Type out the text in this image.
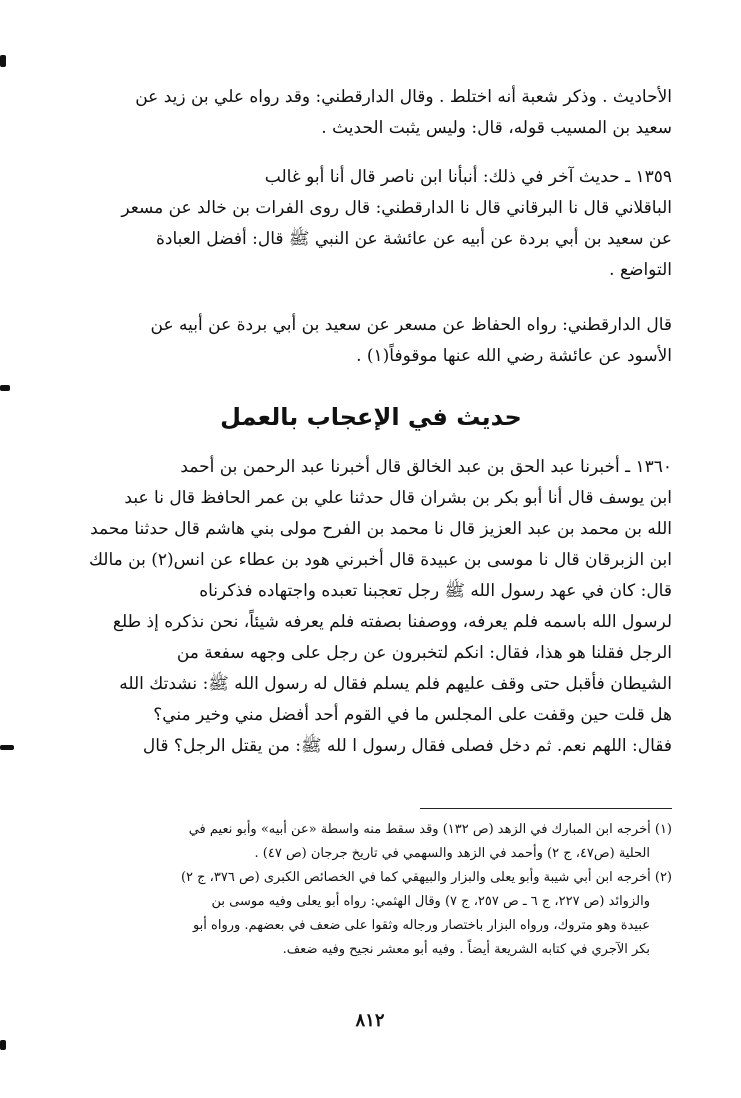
الأحاديث . وذكر شعبة أنه اختلط . وقال الدارقطني: وقد رواه علي بن زيد عن
سعيد بن المسيب قوله، قال: وليس يثبت الحديث .
١٣٥٩ ـ حديث آخر في ذلك: أنبأنا ابن ناصر قال أنا أبو غالب
الباقلاني قال نا البرقاني قال نا الدارقطني: قال روى الفرات بن خالد عن مسعر
عن سعيد بن أبي بردة عن أبيه عن عائشة عن النبي ﷺ قال: أفضل العبادة
التواضع .
قال الدارقطني: رواه الحفاظ عن مسعر عن سعيد بن أبي بردة عن أبيه عن
الأسود عن عائشة رضي الله عنها موقوفاً(١) .
حديث في الإعجاب بالعمل
١٣٦٠ ـ أخبرنا عبد الحق بن عبد الخالق قال أخبرنا عبد الرحمن بن أحمد
ابن يوسف قال أنا أبو بكر بن بشران قال حدثنا علي بن عمر الحافظ قال نا عبد
الله بن محمد بن عبد العزيز قال نا محمد بن الفرح مولى بني هاشم قال حدثنا محمد
ابن الزبرقان قال نا موسى بن عبيدة قال أخبرني هود بن عطاء عن انس(٢) بن مالك
قال: كان في عهد رسول الله ﷺ رجل تعجبنا تعبده واجتهاده فذكرناه
لرسول الله باسمه فلم يعرفه، ووصفنا بصفته فلم يعرفه شيئاً، نحن نذكره إذ طلع
الرجل فقلنا هو هذا، فقال: انكم لتخبرون عن رجل على وجهه سفعة من
الشيطان فأقبل حتى وقف عليهم فلم يسلم فقال له رسول الله ﷺ: نشدتك الله
هل قلت حين وقفت على المجلس ما في القوم أحد أفضل مني وخير مني؟
فقال: اللهم نعم. ثم دخل فصلى فقال رسول ا لله ﷺ: من يقتل الرجل؟ قال
(١) أخرجه ابن المبارك في الزهد (ص ١٣٢) وقد سقط منه واسطة «عن أبيه» وأبو نعيم في
الحلية (ص٤٧، ج ٢) وأحمد في الزهد والسهمي في تاريخ جرجان (ص ٤٧) .
(٢) أخرجه ابن أبي شيبة وأبو يعلى والبزار والبيهقي كما في الخصائص الكبرى (ص ٣٧٦، ج ٢)
والزوائد (ص ٢٢٧، ج ٦ ـ ص ٢٥٧، ج ٧) وقال الهثمي: رواه أبو يعلى وفيه موسى بن
عبيدة وهو متروك، ورواه البزار باختصار ورجاله وثقوا على ضعف في بعضهم. ورواه أبو
بكر الآجري في كتابه الشريعة أيضاً . وفيه أبو معشر نجيح وفيه ضعف.
٨١٢
